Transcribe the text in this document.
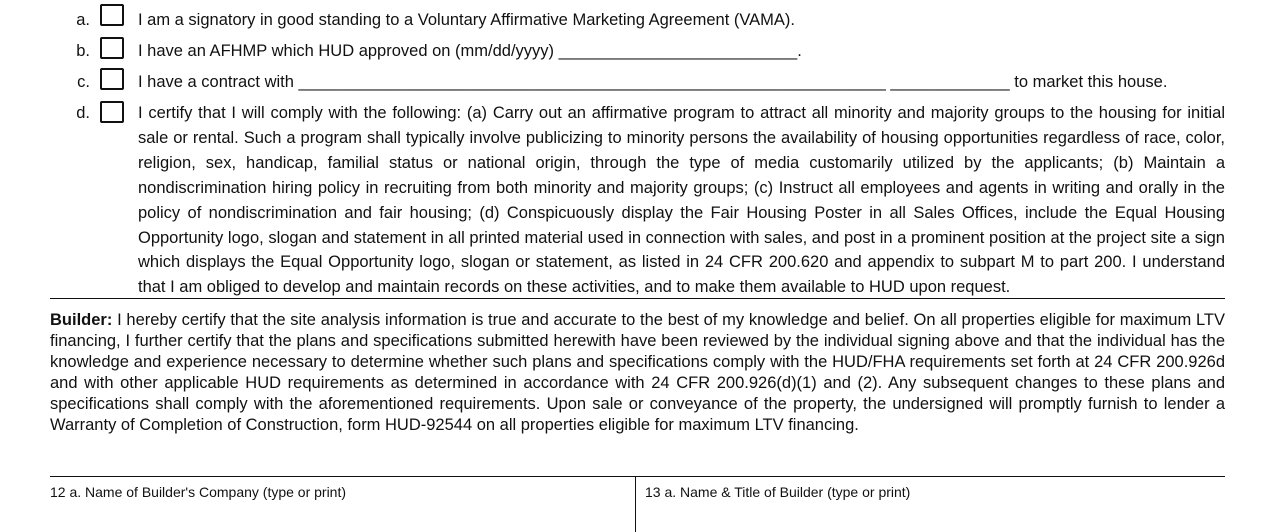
a.	I am a signatory in good standing to a Voluntary Affirmative Marketing Agreement (VAMA).
b.	I have an AFHMP which HUD approved on (mm/dd/yyyy) __________________________.
c.	I have a contract with ________________________________________________________________ _____________ to market this house.
d.	I certify that I will comply with the following: (a) Carry out an affirmative program to attract all minority and majority groups to the housing for initial sale or rental. Such a program shall typically involve publicizing to minority persons the availability of housing opportunities regardless of race, color, religion, sex, handicap, familial status or national origin, through the type of media customarily utilized by the applicants; (b) Maintain a nondiscrimination hiring policy in recruiting from both minority and majority groups; (c) Instruct all employees and agents in writing and orally in the policy of nondiscrimination and fair housing; (d) Conspicuously display the Fair Housing Poster in all Sales Offices, include the Equal Housing Opportunity logo, slogan and statement in all printed material used in connection with sales, and post in a prominent position at the project site a sign which displays the Equal Opportunity logo, slogan or statement, as listed in 24 CFR 200.620 and appendix to subpart M to part 200. I understand that I am obliged to develop and maintain records on these activities, and to make them available to HUD upon request.
Builder: I hereby certify that the site analysis information is true and accurate to the best of my knowledge and belief. On all properties eligible for maximum LTV financing, I further certify that the plans and specifications submitted herewith have been reviewed by the individual signing above and that the individual has the knowledge and experience necessary to determine whether such plans and specifications comply with the HUD/FHA requirements set forth at 24 CFR 200.926d and with other applicable HUD requirements as determined in accordance with 24 CFR 200.926(d)(1) and (2). Any subsequent changes to these plans and specifications shall comply with the aforementioned requirements. Upon sale or conveyance of the property, the undersigned will promptly furnish to lender a Warranty of Completion of Construction, form HUD-92544 on all properties eligible for maximum LTV financing.
12 a. Name of Builder's Company (type or print)	13 a. Name & Title of Builder (type or print)
